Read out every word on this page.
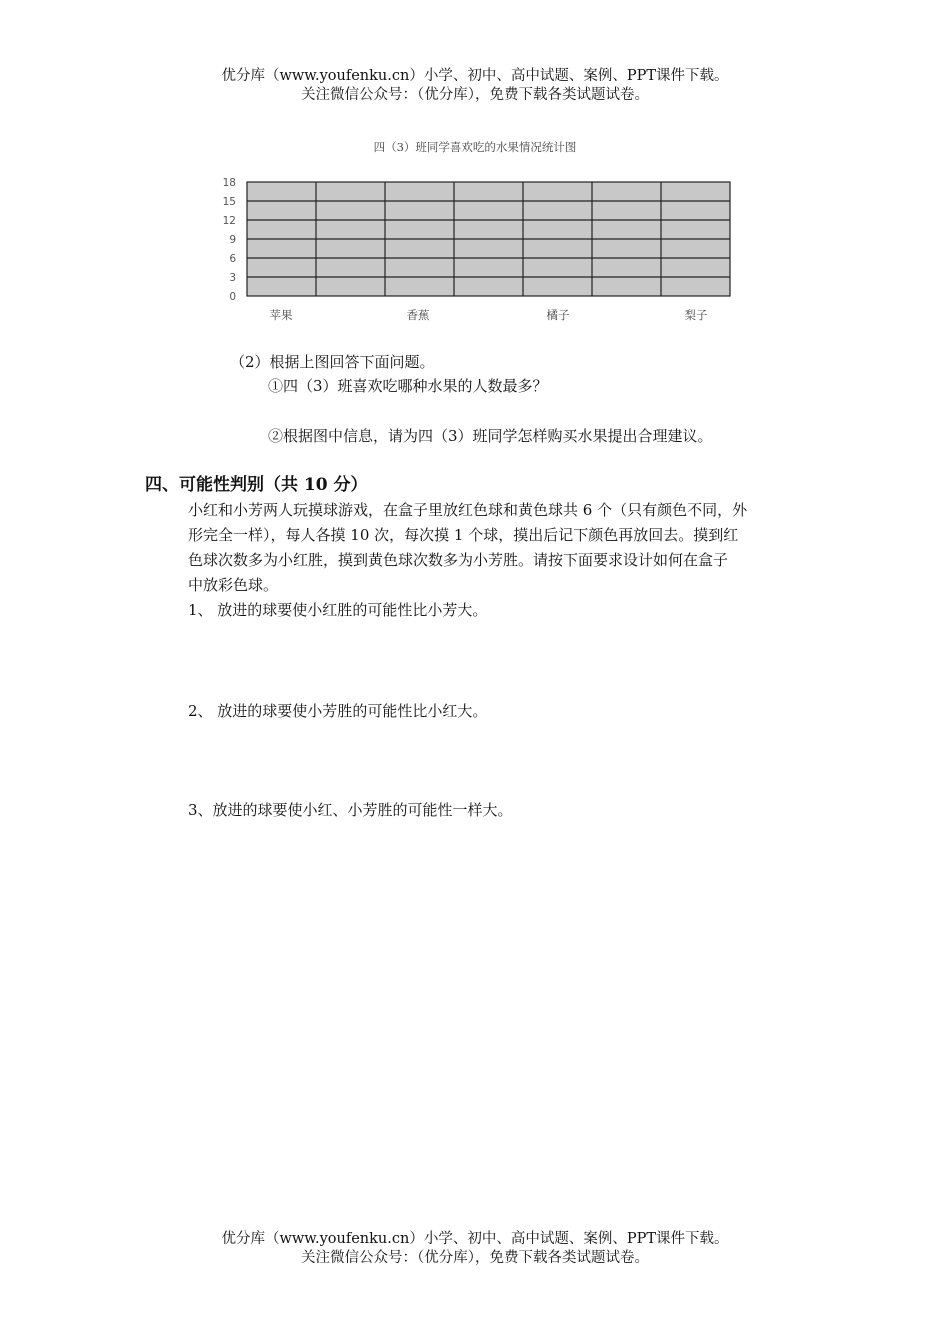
优分库（www.youfenku.cn）小学、初中、高中试题、案例、PPT课件下载。
关注微信公众号：（优分库），免费下载各类试题试卷。
四（3）班同学喜欢吃的水果情况统计图
0
3
6
9
12
15
18
苹果	香蕉	橘子	梨子
（2）根据上图回答下面问题。
①四（3）班喜欢吃哪种水果的人数最多？
②根据图中信息，请为四（3）班同学怎样购买水果提出合理建议。
四、可能性判别（共 10 分）
小红和小芳两人玩摸球游戏，在盒子里放红色球和黄色球共 6 个（只有颜色不同，外
形完全一样），每人各摸 10 次，每次摸 1 个球，摸出后记下颜色再放回去。摸到红
色球次数多为小红胜，摸到黄色球次数多为小芳胜。请按下面要求设计如何在盒子
中放彩色球。
1、 放进的球要使小红胜的可能性比小芳大。
2、 放进的球要使小芳胜的可能性比小红大。
3、放进的球要使小红、小芳胜的可能性一样大。
优分库（www.youfenku.cn）小学、初中、高中试题、案例、PPT课件下载。
关注微信公众号：（优分库），免费下载各类试题试卷。
